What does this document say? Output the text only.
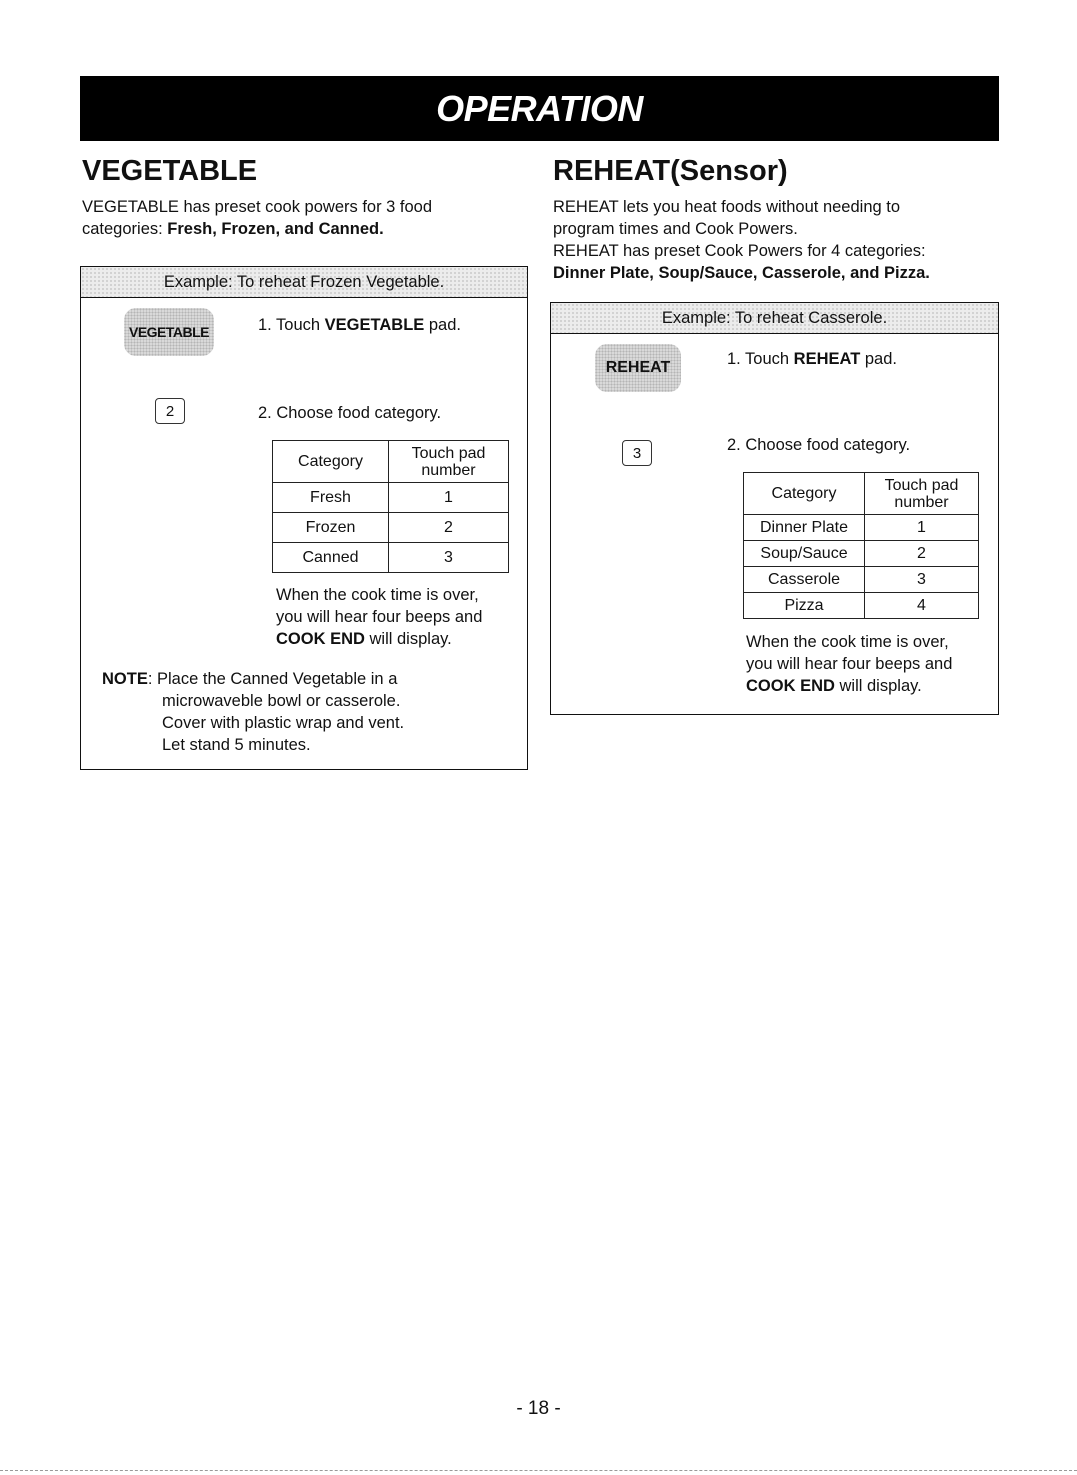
OPERATION
VEGETABLE

VEGETABLE has preset cook powers for 3 food

categories: Fresh, Frozen, and Canned.

Example: To reheat Frozen Vegetable.
VEGETABLE	1. Touch VEGETABLE pad.
2	2. Choose food category.
Category	Touch pad
number

Fresh	1
Frozen	2
Canned	3

When the cook time is over,

you will hear four beeps and

COOK END will display.

NOTE: Place the Canned Vegetable in a

microwaveble bowl or casserole.

Cover with plastic wrap and vent.

Let stand 5 minutes.

REHEAT(Sensor)

REHEAT lets you heat foods without needing to

program times and Cook Powers.

REHEAT has preset Cook Powers for 4 categories:

Dinner Plate, Soup/Sauce, Casserole, and Pizza.

Example: To reheat Casserole.
REHEAT	1. Touch REHEAT pad.
3	2. Choose food category.
Category	Touch pad
number

Dinner Plate	1
Soup/Sauce	2
Casserole	3
Pizza	4

When the cook time is over,

you will hear four beeps and

COOK END will display.

- 18 -
